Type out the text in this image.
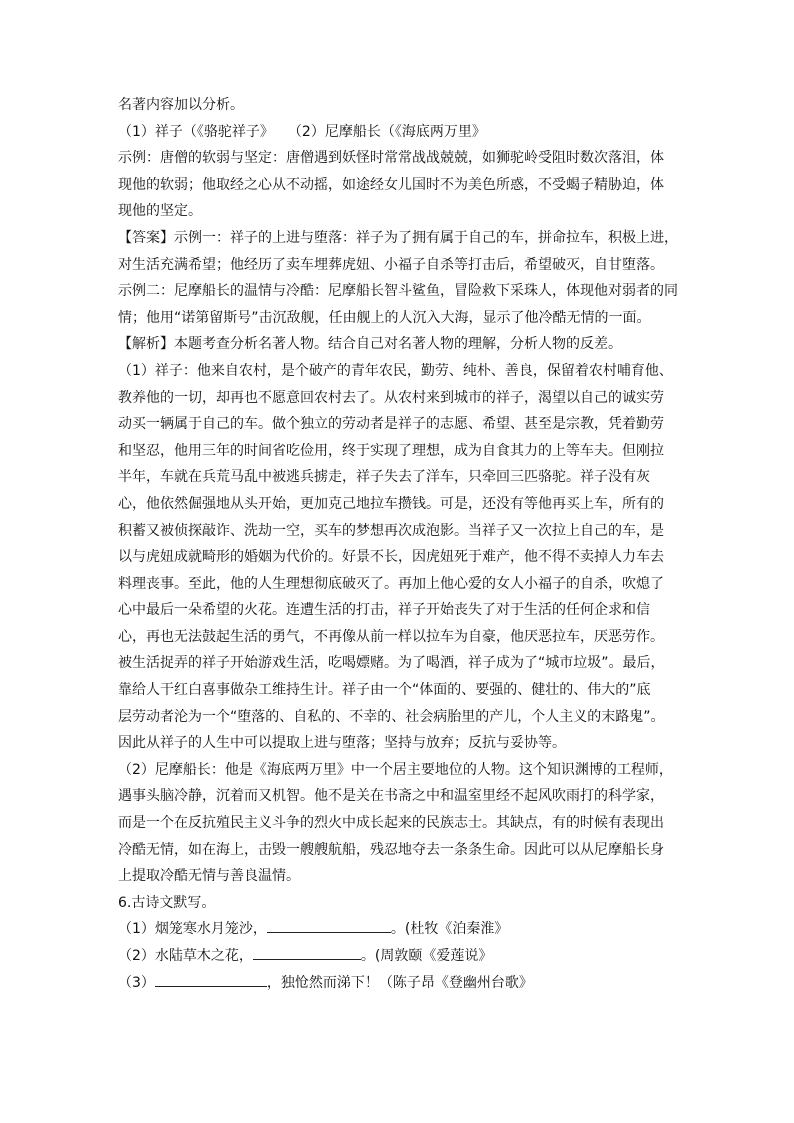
名著内容加以分析。
（1）祥子（《骆驼祥子》　　（2）尼摩船长（《海底两万里》
示例：唐僧的软弱与坚定：唐僧遇到妖怪时常常战战兢兢，如狮驼岭受阻时数次落泪，体
现他的软弱；他取经之心从不动摇，如途经女儿国时不为美色所惑，不受蝎子精胁迫，体
现他的坚定。
【答案】示例一：祥子的上进与堕落：祥子为了拥有属于自己的车，拼命拉车，积极上进，
对生活充满希望；他经历了卖车埋葬虎妞、小福子自杀等打击后，希望破灭，自甘堕落。
示例二：尼摩船长的温情与冷酷：尼摩船长智斗鲨鱼，冒险救下采珠人，体现他对弱者的同
情；他用“诺第留斯号”击沉敌舰，任由舰上的人沉入大海，显示了他冷酷无情的一面。
【解析】本题考查分析名著人物。结合自己对名著人物的理解，分析人物的反差。
（1）祥子：他来自农村，是个破产的青年农民，勤劳、纯朴、善良，保留着农村哺育他、
教养他的一切，却再也不愿意回农村去了。从农村来到城市的祥子，渴望以自己的诚实劳
动买一辆属于自己的车。做个独立的劳动者是祥子的志愿、希望、甚至是宗教，凭着勤劳
和坚忍，他用三年的时间省吃俭用，终于实现了理想，成为自食其力的上等车夫。但刚拉
半年，车就在兵荒马乱中被逃兵掳走，祥子失去了洋车，只牵回三匹骆驼。祥子没有灰
心，他依然倔强地从头开始，更加克己地拉车攒钱。可是，还没有等他再买上车，所有的
积蓄又被侦探敲诈、洗劫一空，买车的梦想再次成泡影。当祥子又一次拉上自己的车，是
以与虎妞成就畸形的婚姻为代价的。好景不长，因虎妞死于难产，他不得不卖掉人力车去
料理丧事。至此，他的人生理想彻底破灭了。再加上他心爱的女人小福子的自杀，吹熄了
心中最后一朵希望的火花。连遭生活的打击，祥子开始丧失了对于生活的任何企求和信
心，再也无法鼓起生活的勇气，不再像从前一样以拉车为自豪，他厌恶拉车，厌恶劳作。
被生活捉弄的祥子开始游戏生活，吃喝嫖赌。为了喝酒，祥子成为了“城市垃圾”。最后，
靠给人干红白喜事做杂工维持生计。祥子由一个“体面的、要强的、健壮的、伟大的”底
层劳动者沦为一个“堕落的、自私的、不幸的、社会病胎里的产儿，个人主义的末路鬼”。
因此从祥子的人生中可以提取上进与堕落；坚持与放弃；反抗与妥协等。
（2）尼摩船长：他是《海底两万里》中一个居主要地位的人物。这个知识渊博的工程师，
遇事头脑冷静，沉着而又机智。他不是关在书斋之中和温室里经不起风吹雨打的科学家，
而是一个在反抗殖民主义斗争的烈火中成长起来的民族志士。其缺点，有的时候有表现出
冷酷无情，如在海上，击毁一艘艘航船，残忍地夺去一条条生命。因此可以从尼摩船长身
上提取冷酷无情与善良温情。
6.古诗文默写。
（1）烟笼寒水月笼沙，	。(杜牧《泊秦淮》
（2）水陆草木之花，	。(周敦颐《爱莲说》
（3）	，独怆然而涕下！（陈子昂《登幽州台歌》
